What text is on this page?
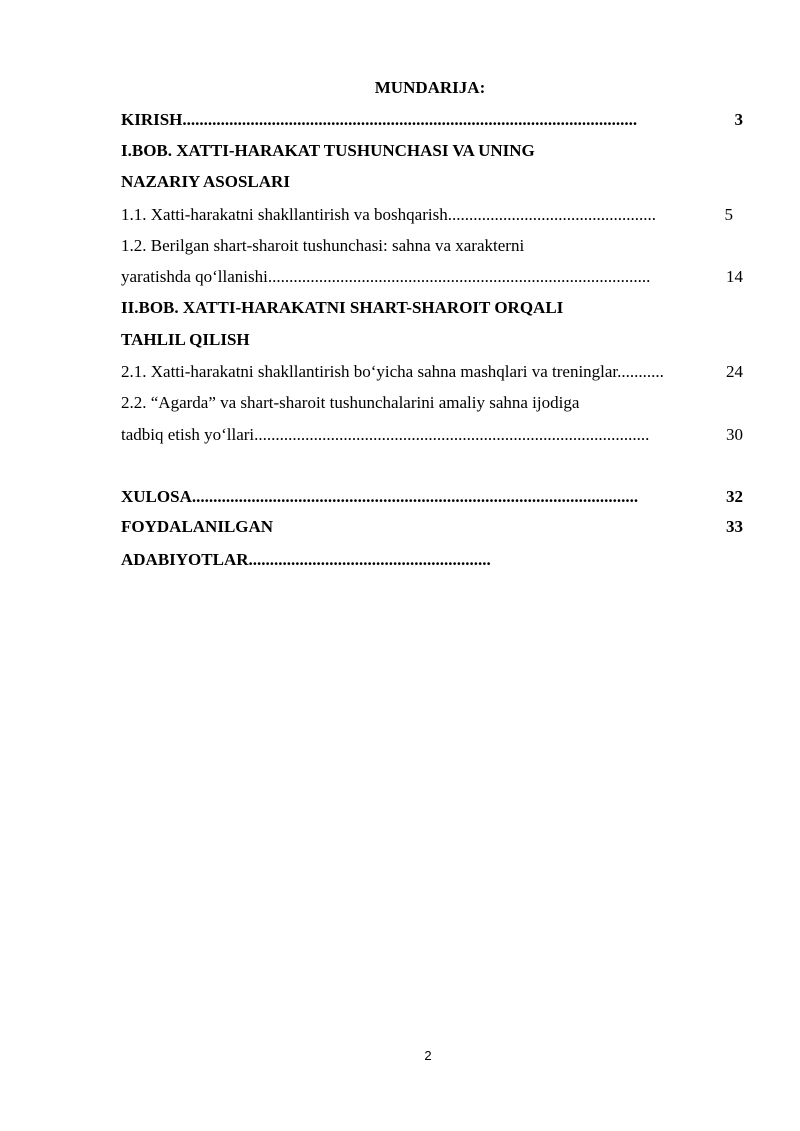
MUNDARIJA:
KIRISH...........................................................................................................	3
I.BOB. XATTI-HARAKAT TUSHUNCHASI VA UNING
NAZARIY ASOSLARI
1.1. Xatti-harakatni shakllantirish va boshqarish.................................................	5
1.2. Berilgan shart-sharoit tushunchasi: sahna va xarakterni
yaratishda qo‘llanishi..........................................................................................	14
II.BOB. XATTI-HARAKATNI SHART-SHAROIT ORQALI
TAHLIL QILISH
2.1. Xatti-harakatni shakllantirish bo‘yicha sahna mashqlari va treninglar...........	24
2.2. “Agarda” va shart-sharoit tushunchalarini amaliy sahna ijodiga
tadbiq etish yo‘llari.............................................................................................	30
XULOSA.........................................................................................................	32
FOYDALANILGAN	33
ADABIYOTLAR.........................................................
2
